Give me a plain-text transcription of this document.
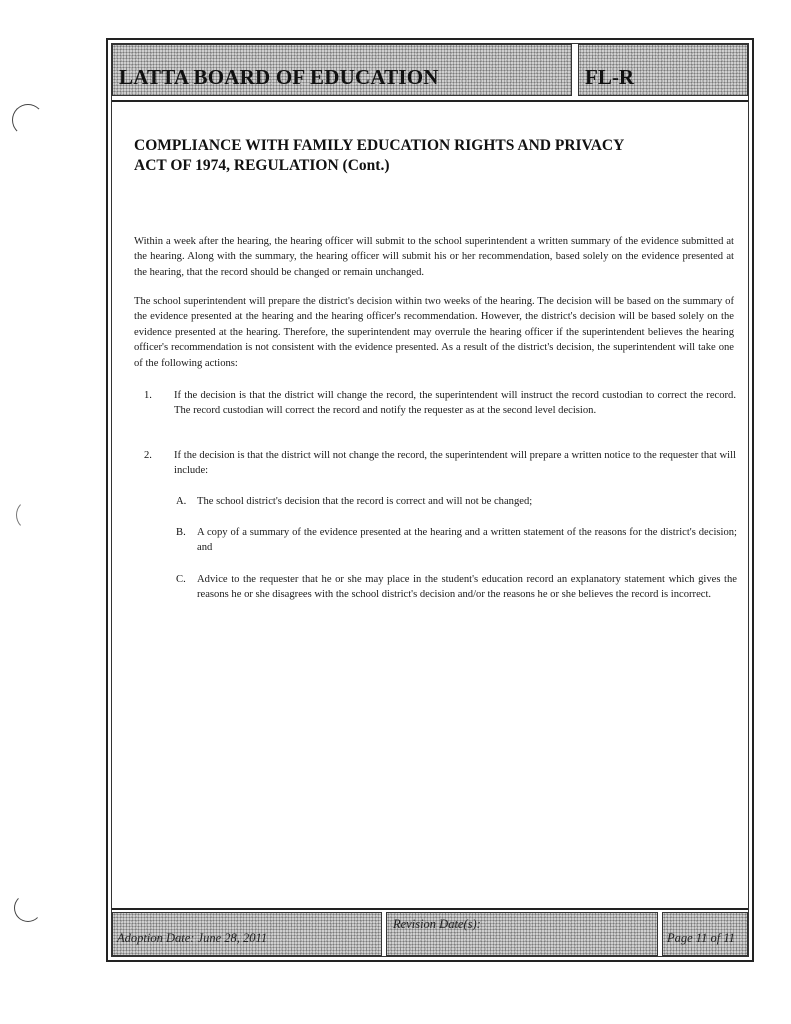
LATTA BOARD OF EDUCATION	FL-R
COMPLIANCE WITH FAMILY EDUCATION RIGHTS AND PRIVACY
ACT OF 1974, REGULATION (Cont.)
Within a week after the hearing, the hearing officer will submit to the school superintendent a written summary of the evidence submitted at the hearing. Along with the summary, the hearing officer will submit his or her recommendation, based solely on the evidence presented at the hearing, that the record should be changed or remain unchanged.
The school superintendent will prepare the district's decision within two weeks of the hearing. The decision will be based on the summary of the evidence presented at the hearing and the hearing officer's recommendation. However, the district's decision will be based solely on the evidence presented at the hearing. Therefore, the superintendent may overrule the hearing officer if the superintendent believes the hearing officer's recommendation is not consistent with the evidence presented. As a result of the district's decision, the superintendent will take one of the following actions:
1. If the decision is that the district will change the record, the superintendent will instruct the record custodian to correct the record. The record custodian will correct the record and notify the requester as at the second level decision.
2. If the decision is that the district will not change the record, the superintendent will prepare a written notice to the requester that will include:
A. The school district's decision that the record is correct and will not be changed;
B. A copy of a summary of the evidence presented at the hearing and a written statement of the reasons for the district's decision; and
C. Advice to the requester that he or she may place in the student's education record an explanatory statement which gives the reasons he or she disagrees with the school district's decision and/or the reasons he or she believes the record is incorrect.
Adoption Date: June 28, 2011
Revision Date(s):
Page 11 of 11
